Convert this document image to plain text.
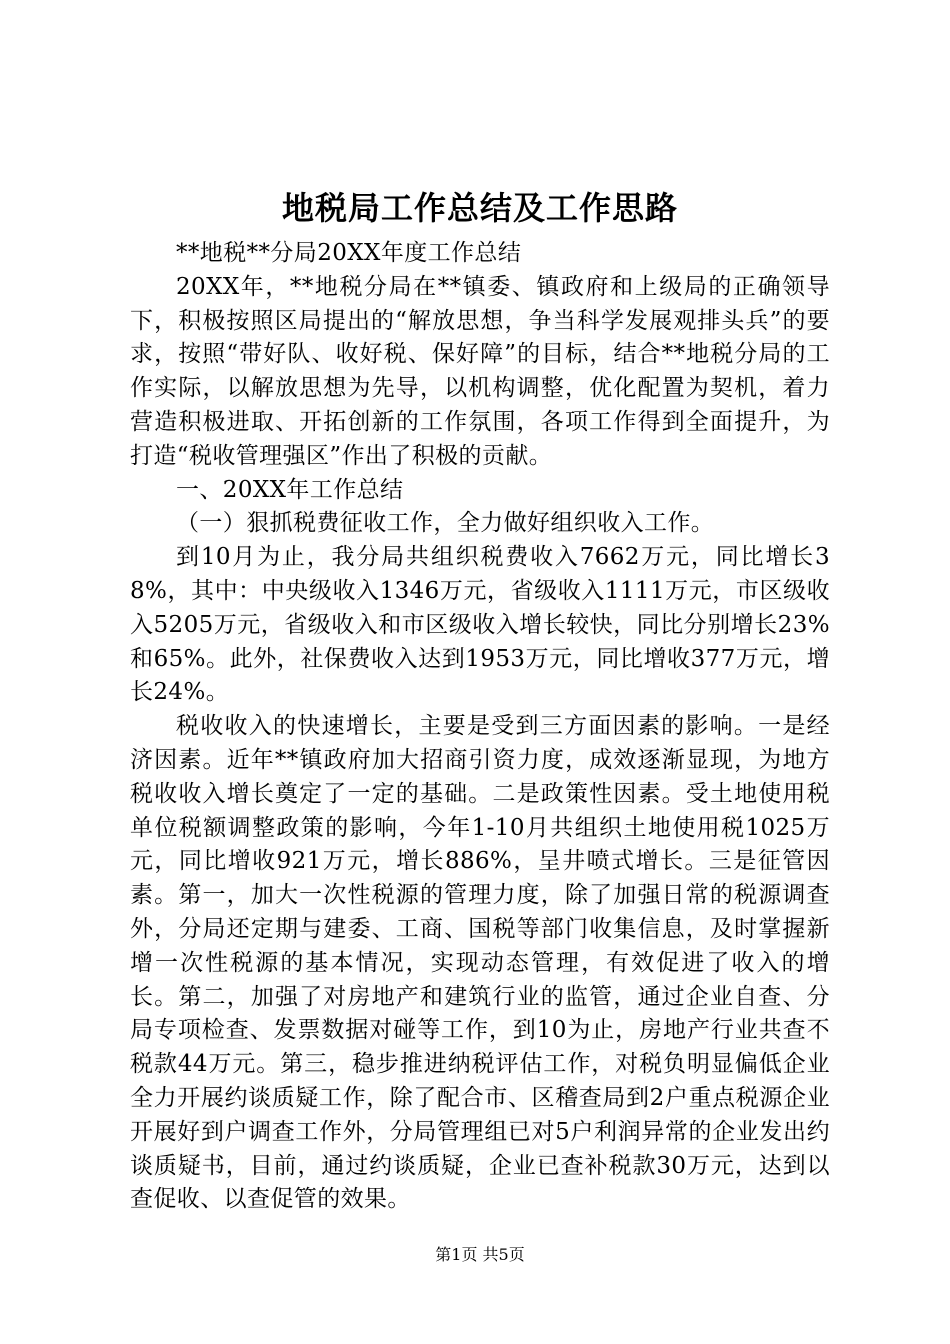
地税局工作总结及工作思路

**地税**分局20XX年度工作总结

20XX年，**地税分局在**镇委、镇政府和上级局的正确领导下，积极按照区局提出的“解放思想，争当科学发展观排头兵”的要求，按照“带好队、收好税、保好障”的目标，结合**地税分局的工作实际，以解放思想为先导，以机构调整，优化配置为契机，着力营造积极进取、开拓创新的工作氛围，各项工作得到全面提升，为打造“税收管理强区”作出了积极的贡献。

一、20XX年工作总结

（一）狠抓税费征收工作，全力做好组织收入工作。

到10月为止，我分局共组织税费收入7662万元，同比增长38%，其中：中央级收入1346万元，省级收入1111万元，市区级收入5205万元，省级收入和市区级收入增长较快，同比分别增长23%和65%。此外，社保费收入达到1953万元，同比增收377万元，增长24%。

税收收入的快速增长，主要是受到三方面因素的影响。一是经济因素。近年**镇政府加大招商引资力度，成效逐渐显现，为地方税收收入增长奠定了一定的基础。二是政策性因素。受土地使用税单位税额调整政策的影响，今年1-10月共组织土地使用税1025万元，同比增收921万元，增长886%，呈井喷式增长。三是征管因素。第一，加大一次性税源的管理力度，除了加强日常的税源调查外，分局还定期与建委、工商、国税等部门收集信息，及时掌握新增一次性税源的基本情况，实现动态管理，有效促进了收入的增长。第二，加强了对房地产和建筑行业的监管，通过企业自查、分局专项检查、发票数据对碰等工作，到10为止，房地产行业共查不税款44万元。第三，稳步推进纳税评估工作，对税负明显偏低企业全力开展约谈质疑工作，除了配合市、区稽查局到2户重点税源企业开展好到户调查工作外，分局管理组已对5户利润异常的企业发出约谈质疑书，目前，通过约谈质疑，企业已查补税款30万元，达到以查促收、以查促管的效果。

第1页 共5页
